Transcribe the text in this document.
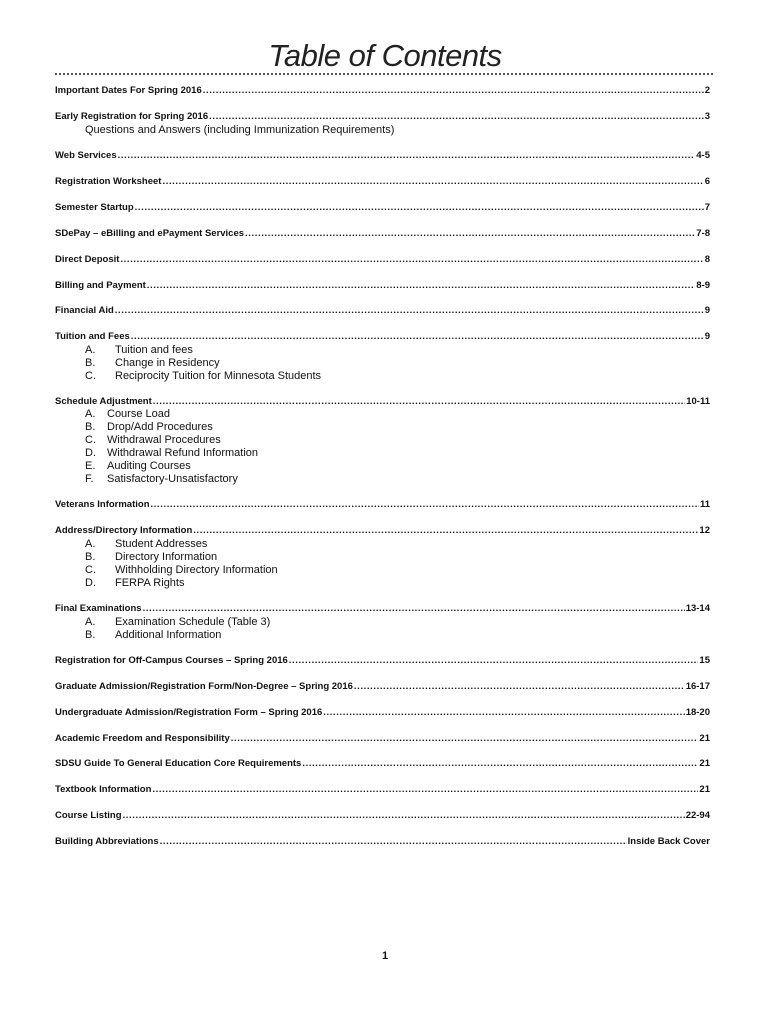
Table of Contents
Important Dates For Spring 2016 .....	2
Early Registration for Spring 2016 .....	3
Questions and Answers (including Immunization Requirements)
Web Services .....	4-5
Registration Worksheet .....	6
Semester Startup .....	7
SDePay – eBilling and ePayment Services .....	7-8
Direct Deposit .....	8
Billing and Payment .....	8-9
Financial Aid .....	9
Tuition and Fees .....	9
A. Tuition and fees
B. Change in Residency
C. Reciprocity Tuition for Minnesota Students
Schedule Adjustment .....	10-11
A. Course Load
B. Drop/Add Procedures
C. Withdrawal Procedures
D. Withdrawal Refund Information
E. Auditing Courses
F. Satisfactory-Unsatisfactory
Veterans Information .....	11
Address/Directory Information .....	12
A. Student Addresses
B. Directory Information
C. Withholding Directory Information
D. FERPA Rights
Final Examinations .....	13-14
A. Examination Schedule (Table 3)
B. Additional Information
Registration for Off-Campus Courses – Spring 2016 .....	15
Graduate Admission/Registration Form/Non-Degree – Spring 2016 .....	16-17
Undergraduate Admission/Registration Form – Spring 2016 .....	18-20
Academic Freedom and Responsibility .....	21
SDSU Guide To General Education Core Requirements .....	21
Textbook Information .....	21
Course Listing .....	22-94
Building Abbreviations .....	Inside Back Cover
1
